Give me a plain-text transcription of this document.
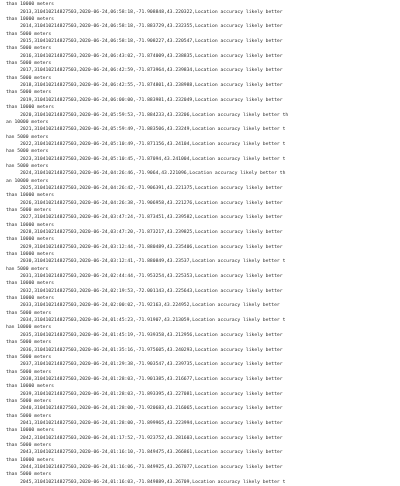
than 10000 meters
2013,310410214827503,2020-06-24,06:58:18,-71.908848,43.220322,Location accuracy likely better
than 10000 meters
2014,310410214827503,2020-06-24,06:58:18,-71.883729,43.232355,Location accuracy likely better
than 5000 meters
2015,310410214827503,2020-06-24,06:58:18,-71.908227,43.220547,Location accuracy likely better
than 5000 meters
2016,310410214827503,2020-06-24,06:43:02,-71.874009,43.238835,Location accuracy likely better
than 5000 meters
2017,310410214827503,2020-06-24,06:42:59,-71.873964,43.239834,Location accuracy likely better
than 5000 meters
2018,310410214827503,2020-06-24,06:42:55,-71.874801,43.238988,Location accuracy likely better
than 5000 meters
2019,310410214827503,2020-06-24,06:00:00,-71.883981,43.232049,Location accuracy likely better
than 10000 meters
2020,310410214827503,2020-06-24,05:59:53,-71.884233,43.23206,Location accuracy likely better th
an 10000 meters
2021,310410214827503,2020-06-24,05:59:49,-71.883506,43.23249,Location accuracy likely better t
han 5000 meters
2022,310410214827503,2020-06-24,05:10:49,-71.871156,43.24104,Location accuracy likely better t
han 5000 meters
2023,310410214827503,2020-06-24,05:10:45,-71.87094,43.241004,Location accuracy likely better t
han 5000 meters
2024,310410214827503,2020-06-24,04:26:46,-71.9064,43.221096,Location accuracy likely better th
an 10000 meters
2025,310410214827503,2020-06-24,04:26:42,-71.906391,43.221375,Location accuracy likely better
than 10000 meters
2026,310410214827503,2020-06-24,04:26:38,-71.906958,43.221276,Location accuracy likely better
than 5000 meters
2027,310410214827503,2020-06-24,03:47:24,-71.873451,43.239582,Location accuracy likely better
than 10000 meters
2028,310410214827503,2020-06-24,03:47:20,-71.873217,43.239825,Location accuracy likely better
than 10000 meters
2029,310410214827503,2020-06-24,03:12:44,-71.880489,43.235406,Location accuracy likely better
than 10000 meters
2030,310410214827503,2020-06-24,03:12:41,-71.880849,43.23537,Location accuracy likely better t
han 5000 meters
2031,310410214827503,2020-06-24,02:44:44,-71.953254,43.225353,Location accuracy likely better
than 10000 meters
2032,310410214827503,2020-06-24,02:19:53,-72.001143,43.225643,Location accuracy likely better
than 10000 meters
2033,310410214827503,2020-06-24,02:00:02,-71.92163,43.224952,Location accuracy likely better
than 5000 meters
2034,310410214827503,2020-06-24,01:45:23,-71.91907,43.213059,Location accuracy likely better t
han 10000 meters
2035,310410214827503,2020-06-24,01:45:19,-71.939358,43.212956,Location accuracy likely better
than 5000 meters
2036,310410214827503,2020-06-24,01:35:16,-71.975605,43.240293,Location accuracy likely better
than 5000 meters
2037,310410214827503,2020-06-24,01:29:38,-71.903547,43.239735,Location accuracy likely better
than 5000 meters
2038,310410214827503,2020-06-24,01:28:03,-71.901385,43.216677,Location accuracy likely better
than 10000 meters
2039,310410214827503,2020-06-24,01:28:03,-71.893395,43.227081,Location accuracy likely better
than 5000 meters
2040,310410214827503,2020-06-24,01:28:00,-71.920683,43.216065,Location accuracy likely better
than 5000 meters
2041,310410214827503,2020-06-24,01:28:00,-71.899965,43.223994,Location accuracy likely better
than 10000 meters
2042,310410214827503,2020-06-24,01:17:52,-71.923752,43.281603,Location accuracy likely better
than 5000 meters
2043,310410214827503,2020-06-24,01:16:10,-71.849475,43.266861,Location accuracy likely better
than 10000 meters
2044,310410214827503,2020-06-24,01:16:06,-71.849925,43.267077,Location accuracy likely better
than 5000 meters
2045,310410214827503,2020-06-24,01:16:03,-71.849889,43.26709,Location accuracy likely better t
